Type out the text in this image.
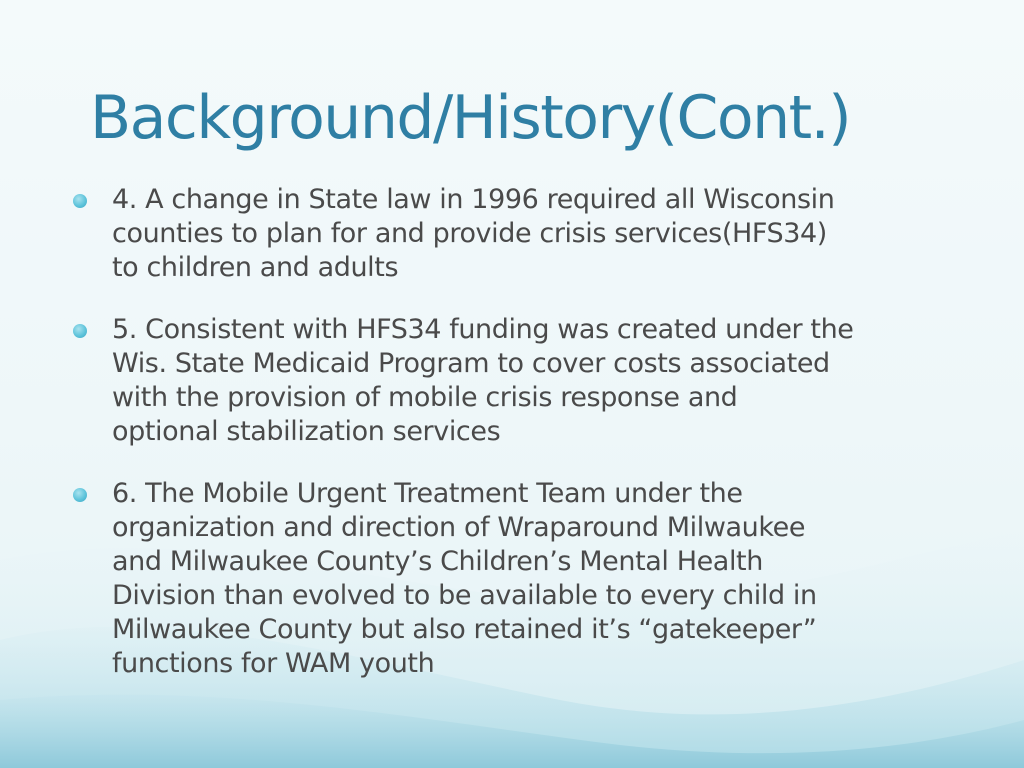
Background/History(Cont.)
4. A change in State law in 1996 required all Wisconsin
counties to plan for and provide crisis services(HFS34)
to children and adults
5. Consistent with HFS34 funding was created under the
Wis. State Medicaid Program to cover costs associated
with the provision of mobile crisis response and
optional stabilization services
6. The Mobile Urgent Treatment Team under the
organization and direction of Wraparound Milwaukee
and Milwaukee County’s Children’s Mental Health
Division than evolved to be available to every child in
Milwaukee County but also retained it’s “gatekeeper”
functions for WAM youth
